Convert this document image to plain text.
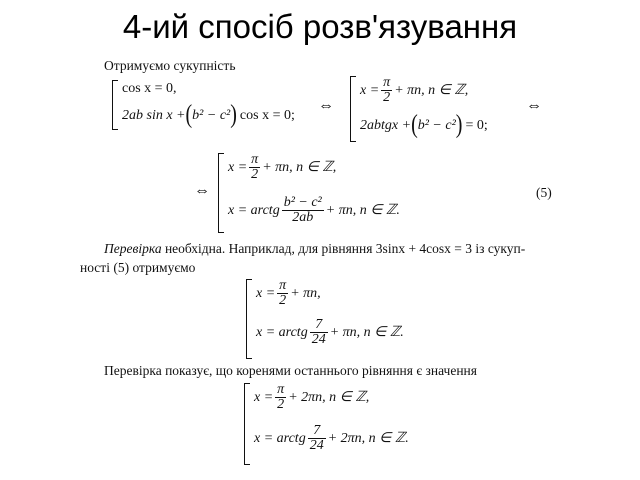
4-ий спосіб розв'язування
Отримуємо сукупність
cos x = 0,
2ab sin x + ( b² − c² ) cos x = 0;
⇔
$x = \frac{\pi}{2} + \pi n$, n ∈ ℤ,
2abtgx + ( b² − c² ) = 0;
⇔
⇔
$x = \frac{\pi}{2} + \pi n$, n ∈ ℤ,
x = arctg $\frac{\text{b² − c²}}{2ab} + \pi n$, n ∈ ℤ.
(5)
Перевірка необхідна. Наприклад, для рівняння 3sinx + 4cosx = 3 із сукуп-
ності (5) отримуємо
$x = \frac{\pi}{2} + \pi n$,
x = arctg $\frac{7}{24} + \pi n$, n ∈ ℤ.
Перевірка показує, що коренями останнього рівняння є значення
$x = \frac{\pi}{2} + 2\pi n$, n ∈ ℤ,
x = arctg $\frac{7}{24} + 2\pi n$, n ∈ ℤ.
